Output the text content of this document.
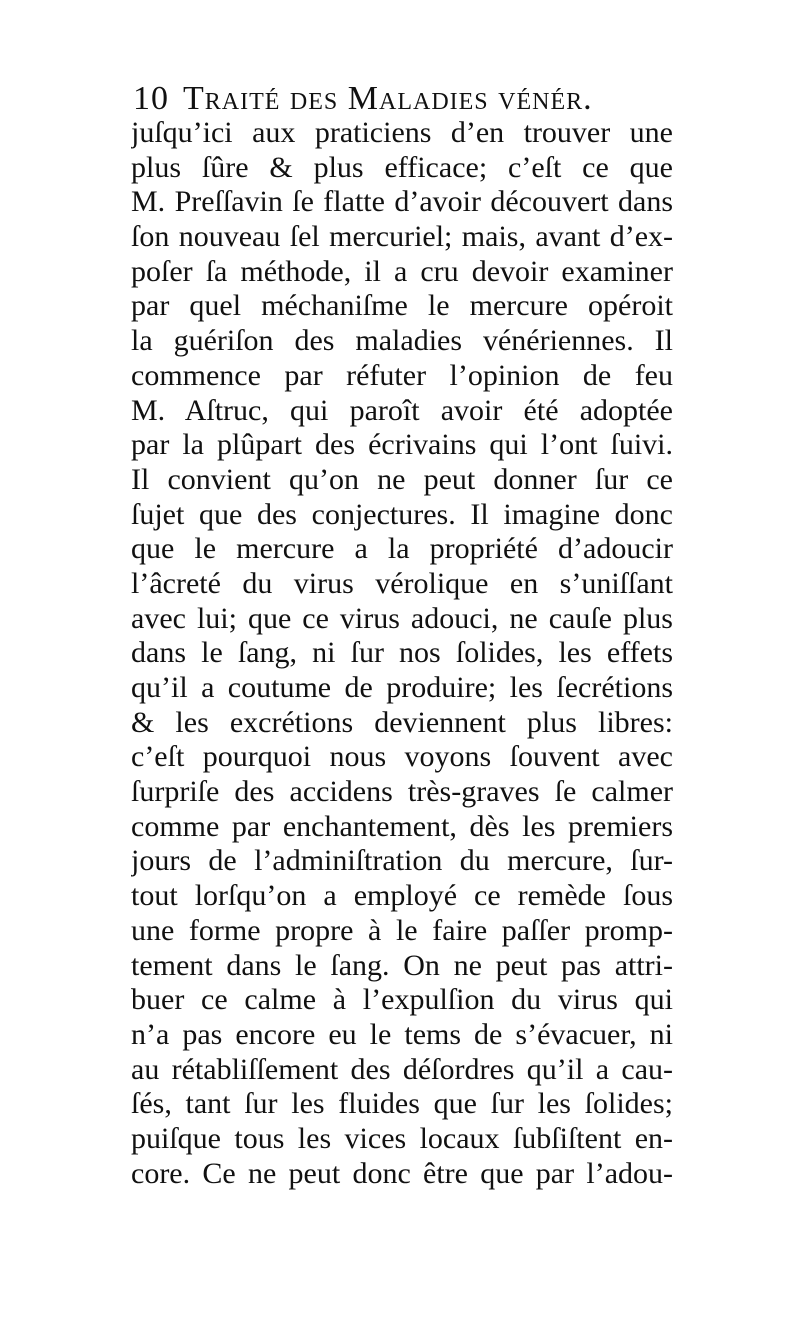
10 Traité des Maladies vénér.
juſqu’ici aux praticiens d’en trouver une
plus ſûre & plus efficace; c’eſt ce que
M. Preſſavin ſe flatte d’avoir découvert dans
ſon nouveau ſel mercuriel; mais, avant d’ex-
poſer ſa méthode, il a cru devoir examiner
par quel méchaniſme le mercure opéroit
la guériſon des maladies vénériennes. Il
commence par réfuter l’opinion de feu
M. Aſtruc, qui paroît avoir été adoptée
par la plûpart des écrivains qui l’ont ſuivi.
Il convient qu’on ne peut donner ſur ce
ſujet que des conjectures. Il imagine donc
que le mercure a la propriété d’adoucir
l’âcreté du virus vérolique en s’uniſſant
avec lui; que ce virus adouci, ne cauſe plus
dans le ſang, ni ſur nos ſolides, les effets
qu’il a coutume de produire; les ſecrétions
& les excrétions deviennent plus libres:
c’eſt pourquoi nous voyons ſouvent avec
ſurpriſe des accidens très-graves ſe calmer
comme par enchantement, dès les premiers
jours de l’adminiſtration du mercure, ſur-
tout lorſqu’on a employé ce remède ſous
une forme propre à le faire paſſer promp-
tement dans le ſang. On ne peut pas attri-
buer ce calme à l’expulſion du virus qui
n’a pas encore eu le tems de s’évacuer, ni
au rétabliſſement des déſordres qu’il a cau-
ſés, tant ſur les fluides que ſur les ſolides;
puiſque tous les vices locaux ſubſiſtent en-
core. Ce ne peut donc être que par l’adou-
